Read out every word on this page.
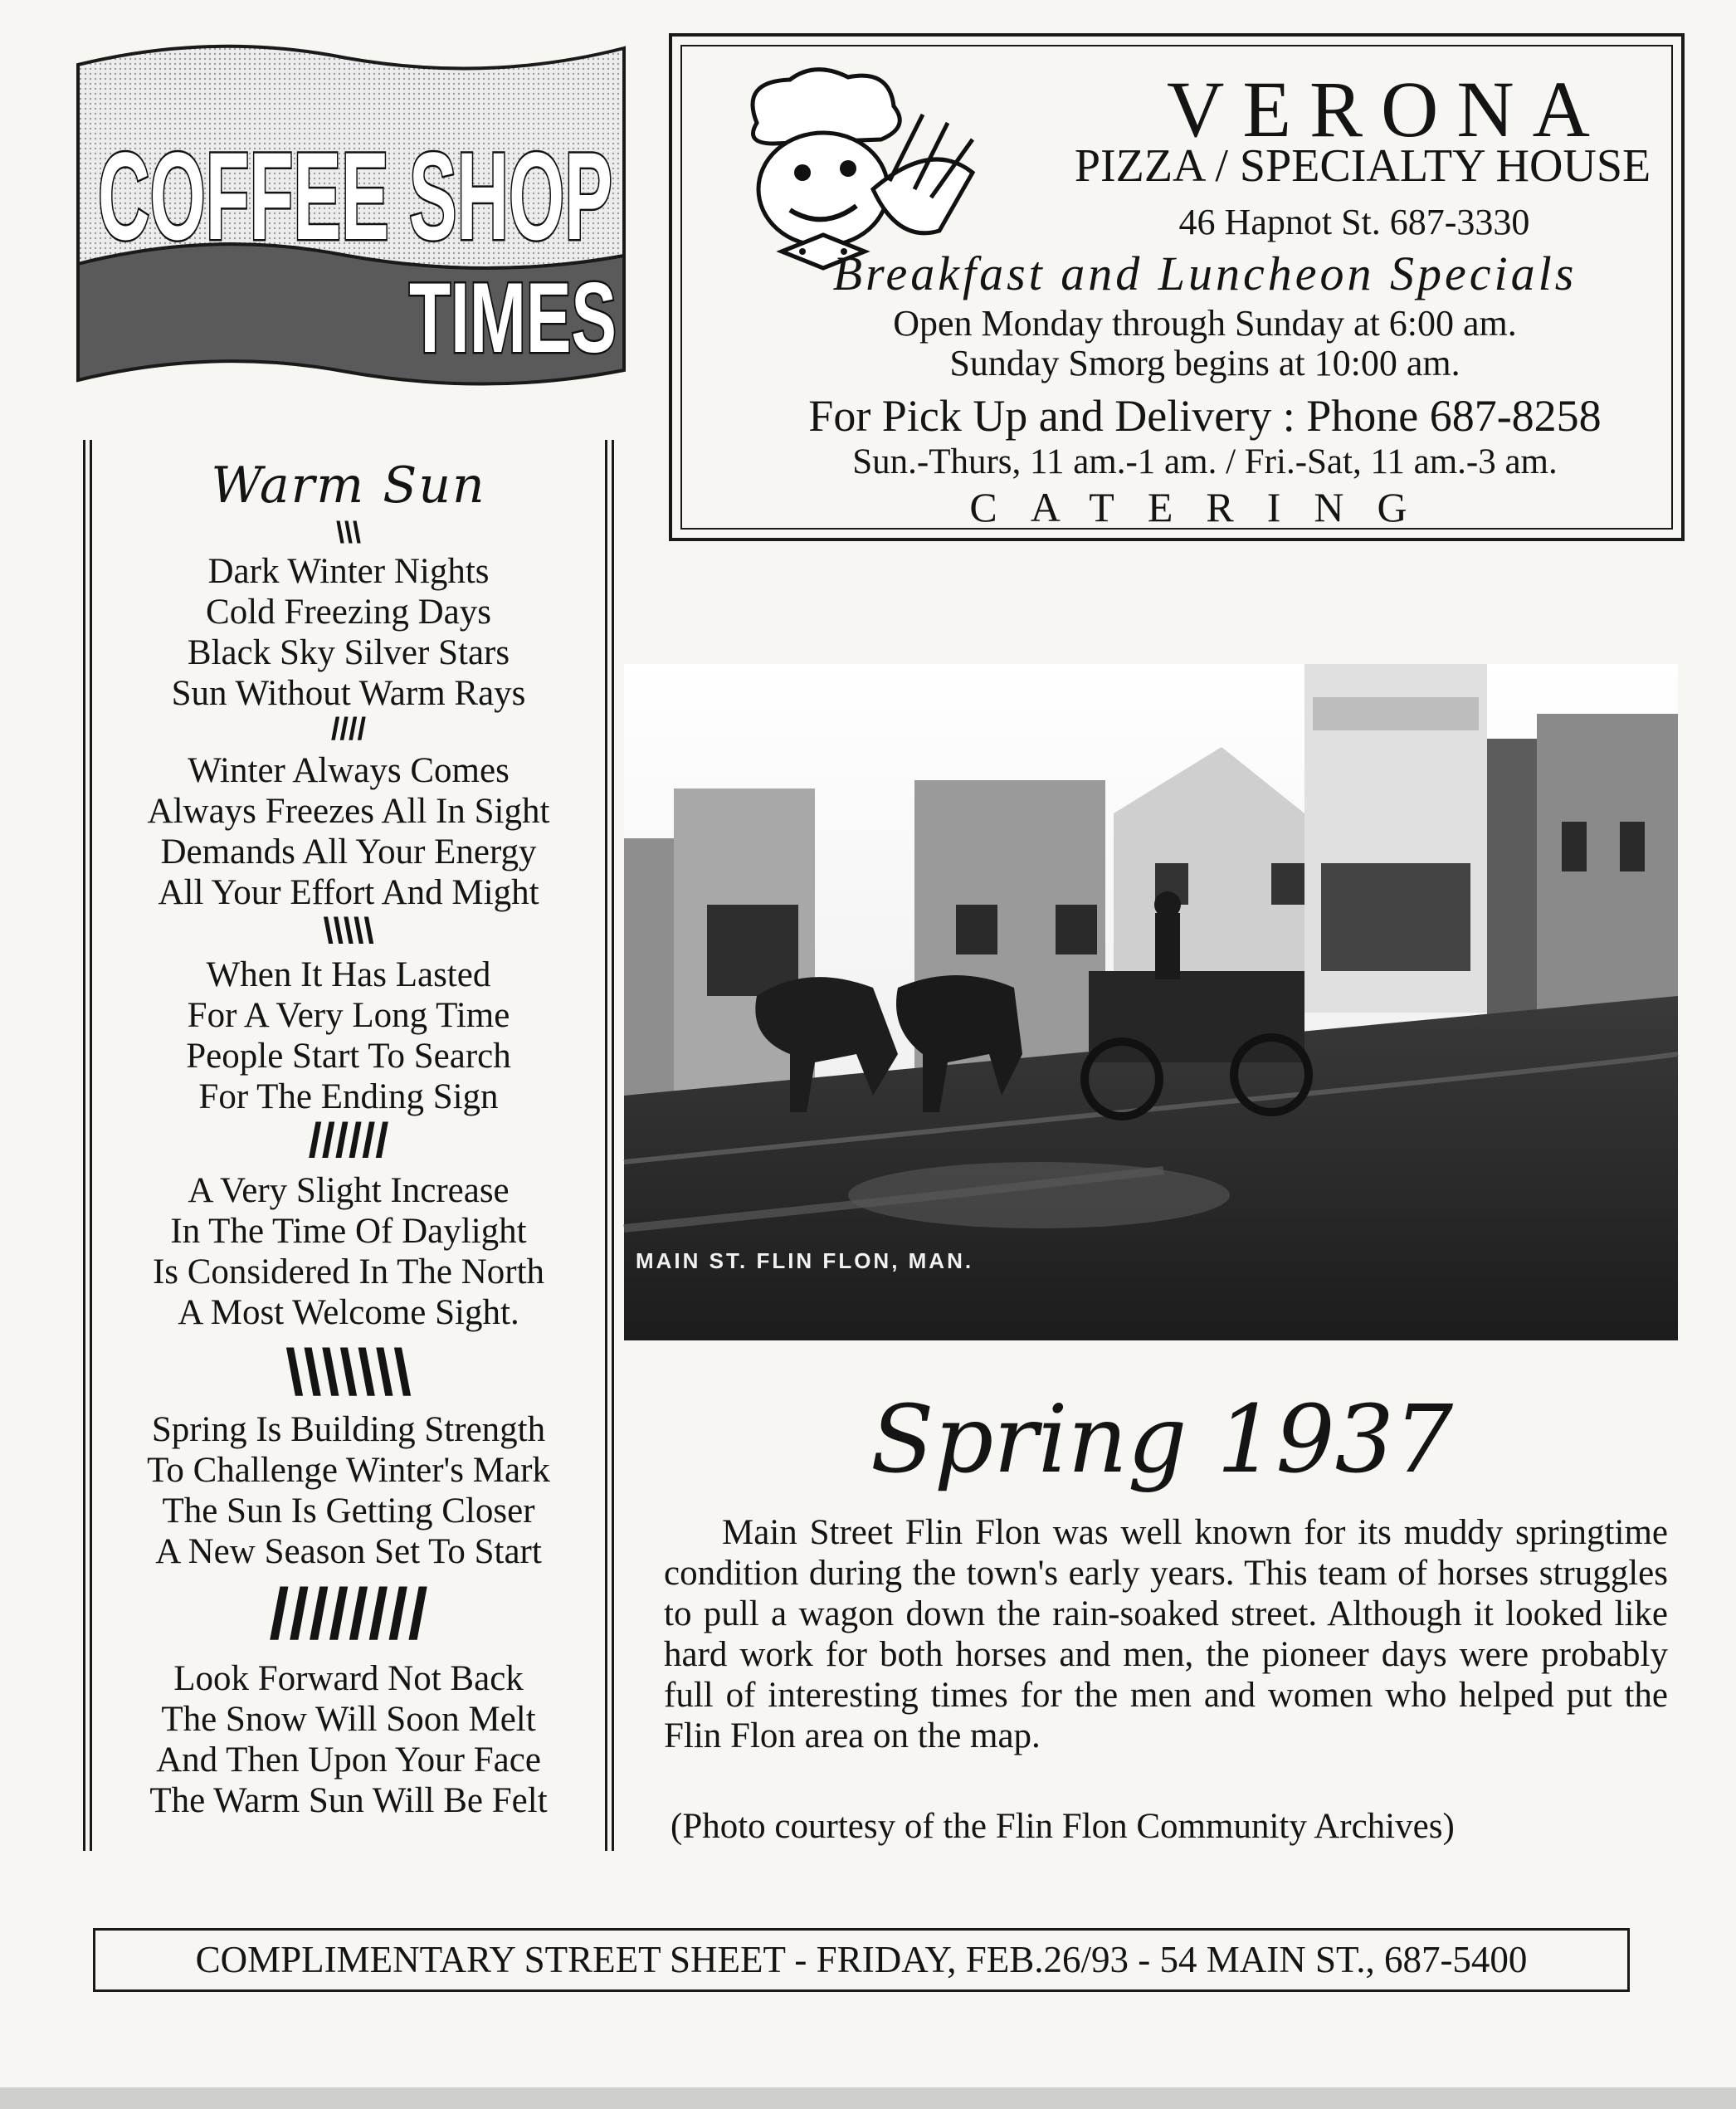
COFFEE SHOP
TIMES
VERONA
PIZZA / SPECIALTY HOUSE
46 Hapnot St. 687-3330
Breakfast and Luncheon Specials
Open Monday through Sunday at 6:00 am.
Sunday Smorg begins at 10:00 am.
For Pick Up and Delivery : Phone 687-8258
Sun.-Thurs, 11 am.-1 am. / Fri.-Sat, 11 am.-3 am.
CATERING
Warm Sun
\\\
Dark Winter Nights
Cold Freezing Days
Black Sky Silver Stars
Sun Without Warm Rays
////
Winter Always Comes
Always Freezes All In Sight
Demands All Your Energy
All Your Effort And Might
\\\\\
When It Has Lasted
For A Very Long Time
People Start To Search
For The Ending Sign
//////
A Very Slight Increase
In The Time Of Daylight
Is Considered In The North
A Most Welcome Sight.
\\\\\\\
Spring Is Building Strength
To Challenge Winter's Mark
The Sun Is Getting Closer
A New Season Set To Start
////////
Look Forward Not Back
The Snow Will Soon Melt
And Then Upon Your Face
The Warm Sun Will Be Felt
MAIN ST. FLIN FLON, MAN.
Spring 1937

Main Street Flin Flon was well known for its muddy springtime condition during the town's early years. This team of horses struggles to pull a wagon down the rain-soaked street. Although it looked like hard work for both horses and men, the pioneer days were probably full of interesting times for the men and women who helped put the Flin Flon area on the map.

(Photo courtesy of the Flin Flon Community Archives)
COMPLIMENTARY STREET SHEET - FRIDAY, FEB.26/93 - 54 MAIN ST., 687-5400
